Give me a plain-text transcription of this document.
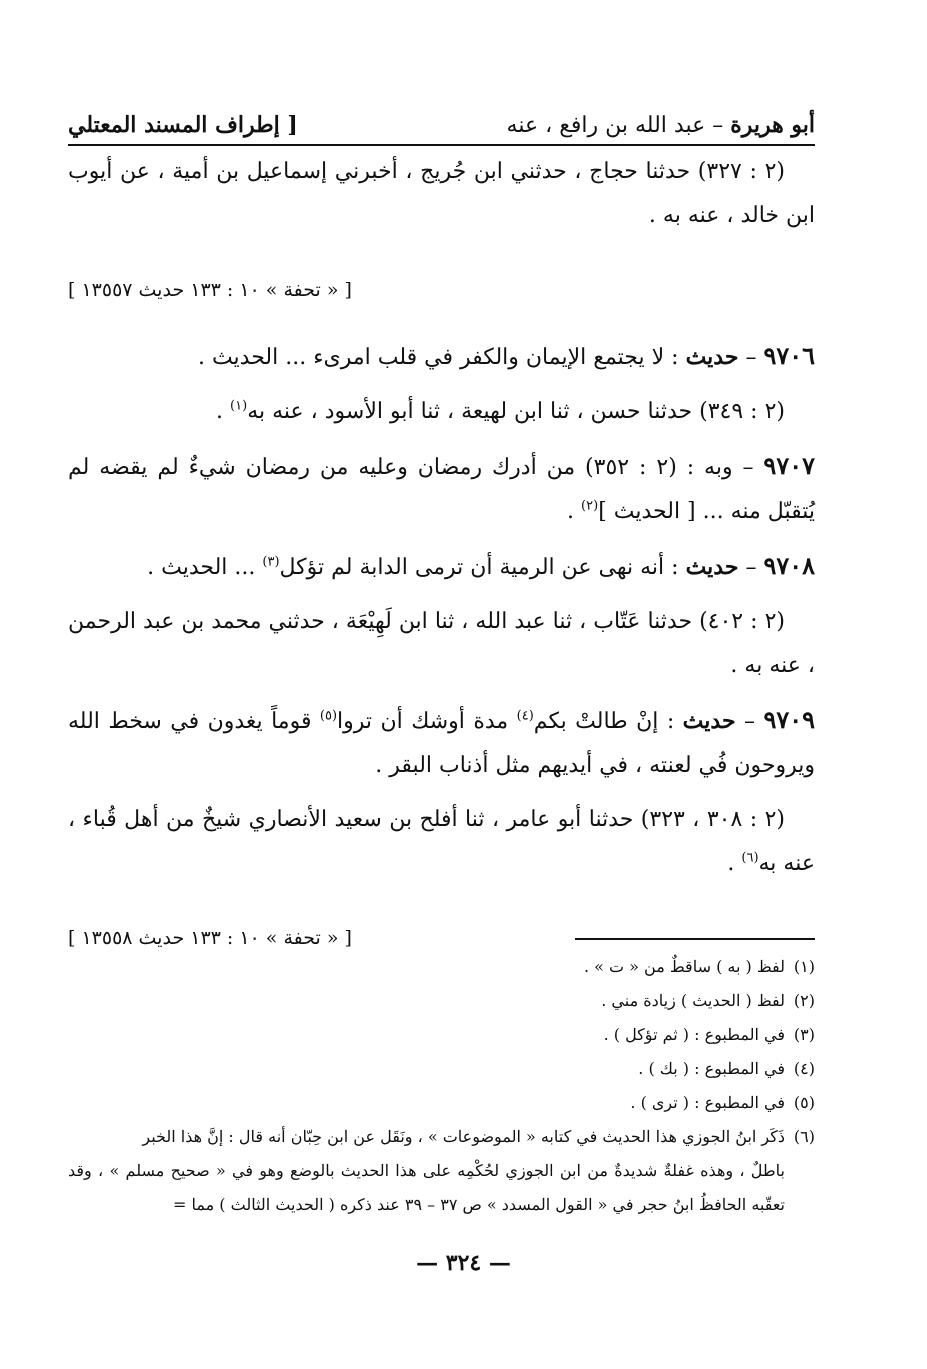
أبو هريرة – عبد الله بن رافع ، عنه
[ إطراف المسند المعتلي

(٢ : ٣٢٧) حدثنا حجاج ، حدثني ابن جُريج ، أخبرني إسماعيل بن أمية ، عن أيوب ابن خالد ، عنه به .

[ « تحفة » ١٠ : ١٣٣ حديث ١٣٥٥٧ ]

٩٧٠٦ – حديث : لا يجتمع الإيمان والكفر في قلب امرىء ... الحديث .

(٢ : ٣٤٩) حدثنا حسن ، ثنا ابن لهيعة ، ثنا أبو الأسود ، عنه به$^{(١)}$ .

٩٧٠٧ – وبه : (٢ : ٣٥٢) من أدرك رمضان وعليه من رمضان شيءٌ لم يقضه لم يُتقبّل منه ... [ الحديث ]$^{(٢)}$ .

٩٧٠٨ – حديث : أنه نهى عن الرمية أن ترمى الدابة لم تؤكل$^{(٣)}$ ... الحديث .

(٢ : ٤٠٢) حدثنا عَتّاب ، ثنا عبد الله ، ثنا ابن لَهِيْعَة ، حدثني محمد بن عبد الرحمن ، عنه به .

٩٧٠٩ – حديث : إنْ طالتْ بكم$^{(٤)}$ مدة أوشك أن تروا$^{(٥)}$ قوماً يغدون في سخط الله ويروحون فُي لعنته ، في أيديهم مثل أذناب البقر .

(٢ : ٣٠٨ ، ٣٢٣) حدثنا أبو عامر ، ثنا أفلح بن سعيد الأنصاري شيخٌ من أهل قُباء ، عنه به$^{(٦)}$ .

[ « تحفة » ١٠ : ١٣٣ حديث ١٣٥٥٨ ]

(١)لفظ ( به ) ساقطٌ من « ت » .

(٢)لفظ ( الحديث ) زيادة مني .

(٣)في المطبوع : ( ثم تؤكل ) .

(٤)في المطبوع : ( بك ) .

(٥)في المطبوع : ( ترى ) .

(٦)ذَكَر ابنُ الجوزي هذا الحديث في كتابه « الموضوعات » ، ونَقَل عن ابن حِبّان أنه قال : إنَّ هذا الخبر

باطلٌ ، وهذه غفلةٌ شديدةٌ من ابن الجوزي لحُكْمِه على هذا الحديث بالوضع وهو في « صحيح مسلم » ، وقد تعقّبه الحافظُ ابنُ حجر في « القول المسدد » ص ٣٧ – ٣٩ عند ذكره ( الحديث الثالث ) مما =

— ٣٢٤ —
